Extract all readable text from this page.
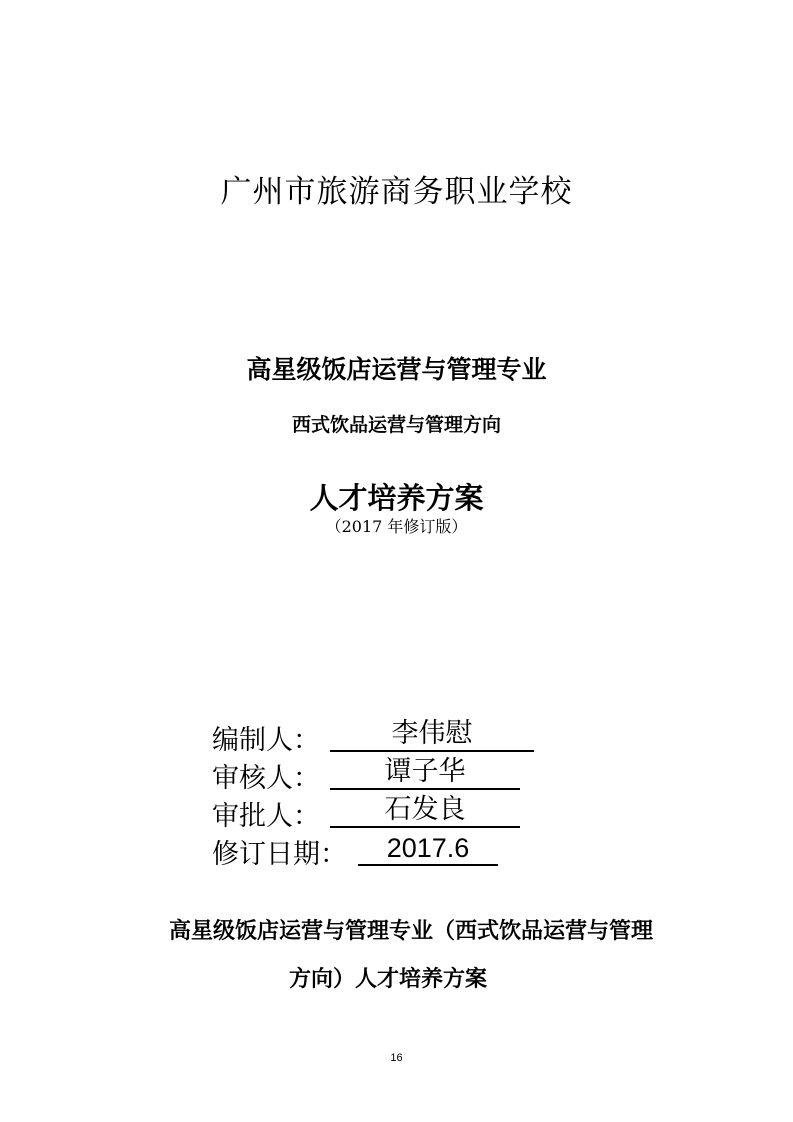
广州市旅游商务职业学校
高星级饭店运营与管理专业
西式饮品运营与管理方向
人才培养方案
（2017 年修订版）
编制人：	李伟慰
审核人：	谭子华
审批人：	石发良
修订日期：	2017.6
高星级饭店运营与管理专业（西式饮品运营与管理
方向）人才培养方案
16
